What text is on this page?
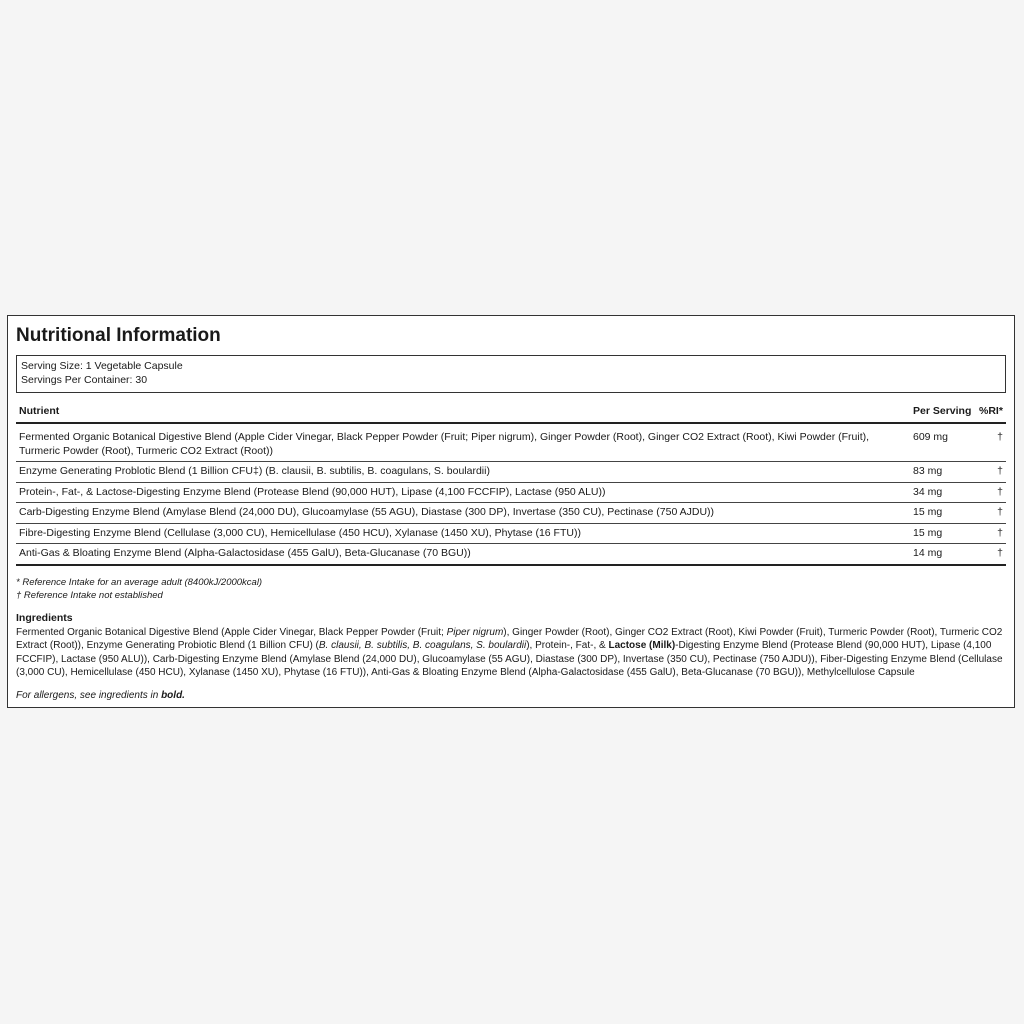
Nutritional Information
Serving Size: 1 Vegetable Capsule
Servings Per Container: 30
Nutrient	Per Serving	%RI*
Fermented Organic Botanical Digestive Blend (Apple Cider Vinegar, Black Pepper Powder (Fruit; Piper nigrum), Ginger Powder (Root), Ginger CO2 Extract (Root), Kiwi Powder (Fruit), Turmeric Powder (Root), Turmeric CO2 Extract (Root))	609 mg	†
Enzyme Generating Problotic Blend (1 Billion CFU‡) (B. clausii, B. subtilis, B. coagulans, S. boulardii)	83 mg	†
Protein-, Fat-, & Lactose-Digesting Enzyme Blend (Protease Blend (90,000 HUT), Lipase (4,100 FCCFIP), Lactase (950 ALU))	34 mg	†
Carb-Digesting Enzyme Blend (Amylase Blend (24,000 DU), Glucoamylase (55 AGU), Diastase (300 DP), Invertase (350 CU), Pectinase (750 AJDU))	15 mg	†
Fibre-Digesting Enzyme Blend (Cellulase (3,000 CU), Hemicellulase (450 HCU), Xylanase (1450 XU), Phytase (16 FTU))	15 mg	†
Anti-Gas & Bloating Enzyme Blend (Alpha-Galactosidase (455 GalU), Beta-Glucanase (70 BGU))	14 mg	†
* Reference Intake for an average adult (8400kJ/2000kcal)
† Reference Intake not established
Ingredients
Fermented Organic Botanical Digestive Blend (Apple Cider Vinegar, Black Pepper Powder (Fruit; Piper nigrum), Ginger Powder (Root), Ginger CO2 Extract (Root), Kiwi Powder (Fruit), Turmeric Powder (Root), Turmeric CO2 Extract (Root)), Enzyme Generating Probiotic Blend (1 Billion CFU) (B. clausii, B. subtilis, B. coagulans, S. boulardii), Protein-, Fat-, & Lactose (Milk)-Digesting Enzyme Blend (Protease Blend (90,000 HUT), Lipase (4,100 FCCFIP), Lactase (950 ALU)), Carb-Digesting Enzyme Blend (Amylase Blend (24,000 DU), Glucoamylase (55 AGU), Diastase (300 DP), Invertase (350 CU), Pectinase (750 AJDU)), Fiber-Digesting Enzyme Blend (Cellulase (3,000 CU), Hemicellulase (450 HCU), Xylanase (1450 XU), Phytase (16 FTU)), Anti-Gas & Bloating Enzyme Blend (Alpha-Galactosidase (455 GalU), Beta-Glucanase (70 BGU)), Methylcellulose Capsule
For allergens, see ingredients in bold.
